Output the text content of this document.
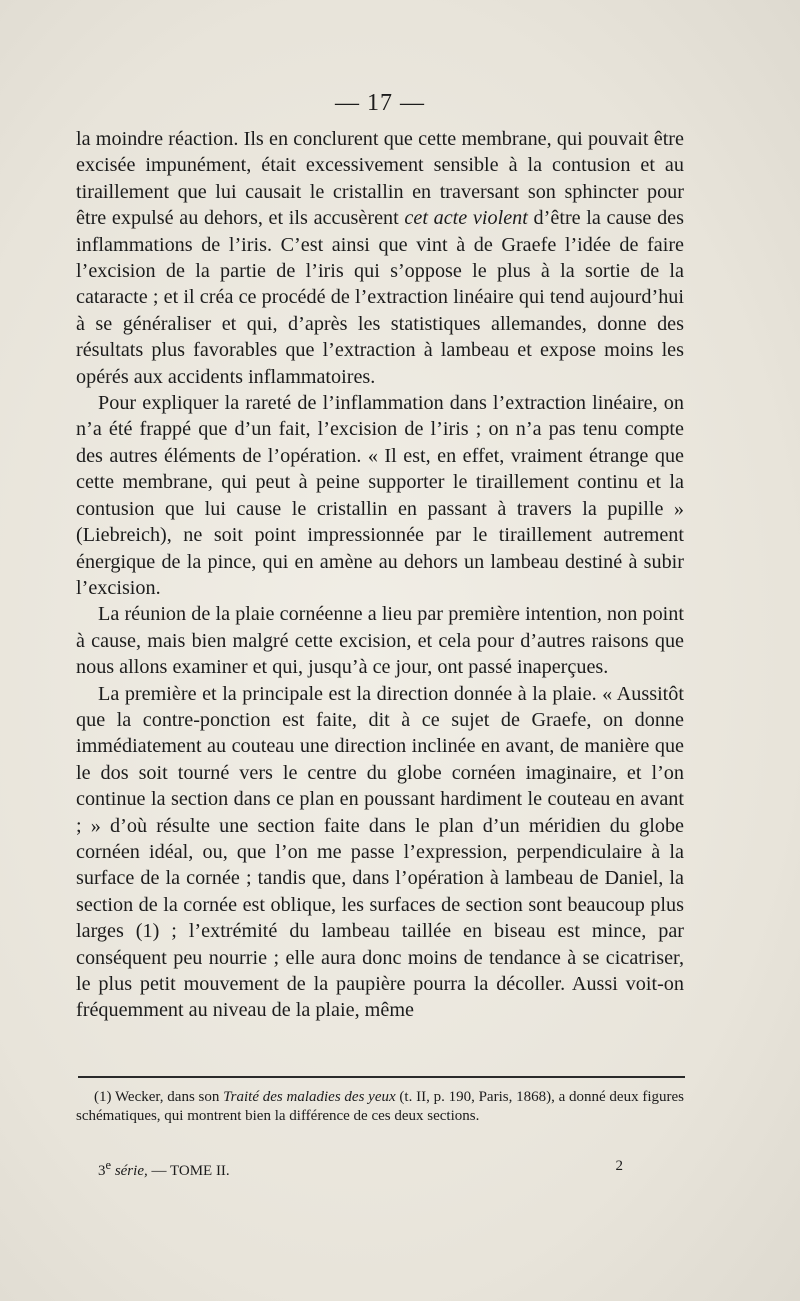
— 17 —

la moindre réaction. Ils en conclurent que cette membrane, qui pouvait être excisée impunément, était excessivement sensible à la contusion et au tiraillement que lui causait le cristallin en traversant son sphincter pour être expulsé au dehors, et ils accusèrent cet acte violent d’être la cause des inflammations de l’iris. C’est ainsi que vint à de Graefe l’idée de faire l’excision de la partie de l’iris qui s’oppose le plus à la sortie de la cataracte ; et il créa ce procédé de l’extraction linéaire qui tend aujourd’hui à se généraliser et qui, d’après les statistiques allemandes, donne des résultats plus favorables que l’extraction à lambeau et expose moins les opérés aux accidents inflammatoires.

Pour expliquer la rareté de l’inflammation dans l’extraction linéaire, on n’a été frappé que d’un fait, l’excision de l’iris ; on n’a pas tenu compte des autres éléments de l’opération. « Il est, en effet, vraiment étrange que cette membrane, qui peut à peine supporter le tiraillement continu et la contusion que lui cause le cristallin en passant à travers la pupille » (Liebreich), ne soit point impressionnée par le tiraillement autrement énergique de la pince, qui en amène au dehors un lambeau destiné à subir l’excision.

La réunion de la plaie cornéenne a lieu par première intention, non point à cause, mais bien malgré cette excision, et cela pour d’autres raisons que nous allons examiner et qui, jusqu’à ce jour, ont passé inaperçues.

La première et la principale est la direction donnée à la plaie. « Aussitôt que la contre-ponction est faite, dit à ce sujet de Graefe, on donne immédiatement au couteau une direction inclinée en avant, de manière que le dos soit tourné vers le centre du globe cornéen imaginaire, et l’on continue la section dans ce plan en poussant hardiment le couteau en avant ; » d’où résulte une section faite dans le plan d’un méridien du globe cornéen idéal, ou, que l’on me passe l’expression, perpendiculaire à la surface de la cornée ; tandis que, dans l’opération à lambeau de Daniel, la section de la cornée est oblique, les surfaces de section sont beaucoup plus larges (1) ; l’extrémité du lambeau taillée en biseau est mince, par conséquent peu nourrie ; elle aura donc moins de tendance à se cicatriser, le plus petit mouvement de la paupière pourra la décoller. Aussi voit-on fréquemment au niveau de la plaie, même

(1) Wecker, dans son Traité des maladies des yeux (t. II, p. 190, Paris, 1868), a donné deux figures schématiques, qui montrent bien la différence de ces deux sections.

3e série, — TOME II.	2
